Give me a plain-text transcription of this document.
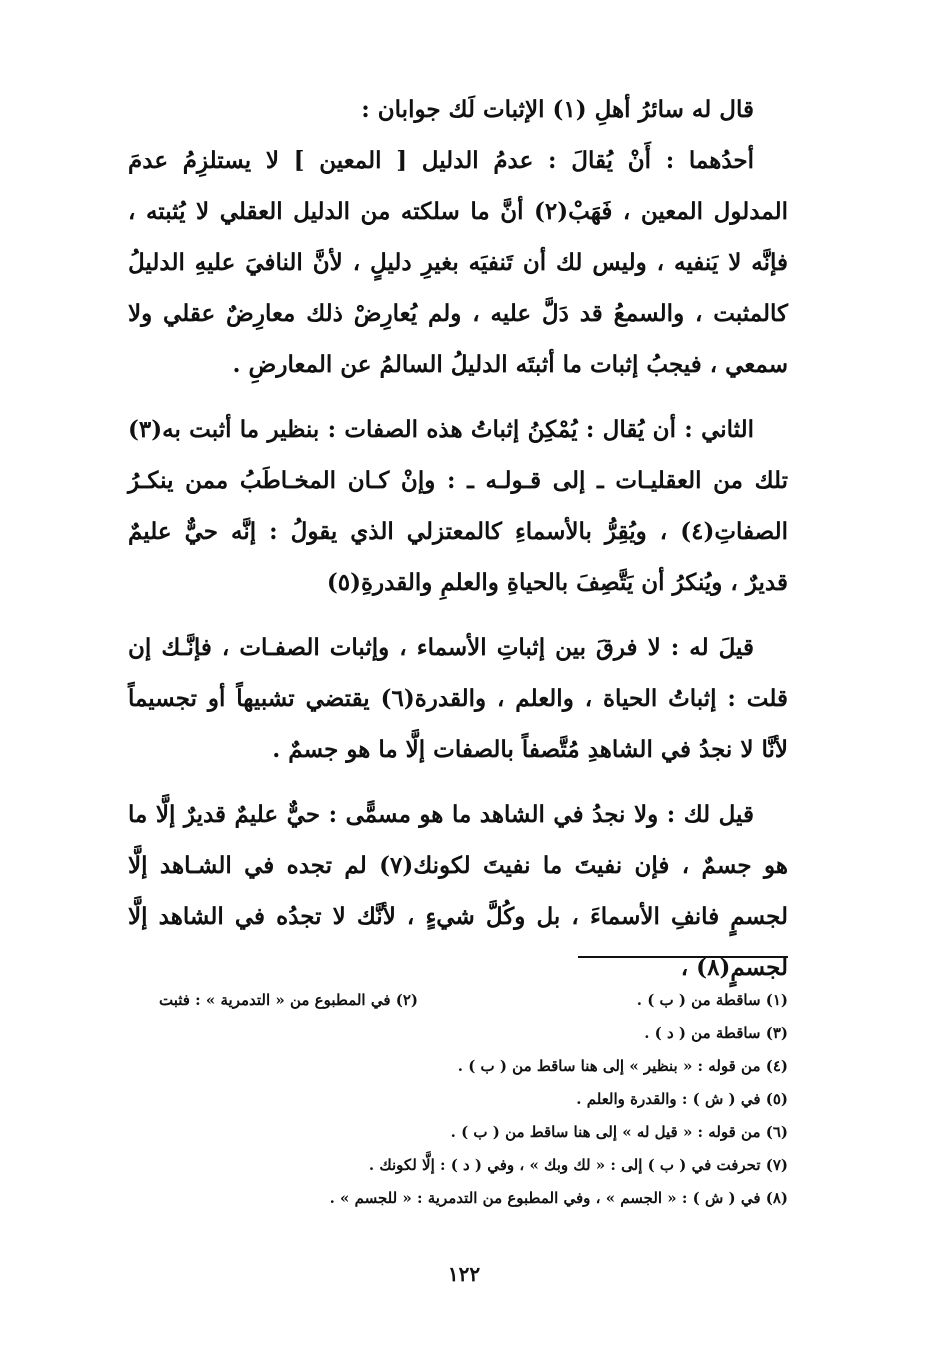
قال له سائرُ أهلِ (١) الإثبات لَك جوابان :

أحدُهما : أَنْ يُقالَ : عدمُ الدليل [ المعين ] لا يستلزِمُ عدمَ المدلول المعين ، فَهَبْ(٢) أنَّ ما سلكته من الدليل العقلي لا يُثبته ، فإنَّه لا يَنفيه ، وليس لك أن تَنفيَه بغيرِ دليلٍ ، لأنَّ النافيَ عليهِ الدليلُ كالمثبت ، والسمعُ قد دَلَّ عليه ، ولم يُعارِضْ ذلك معارِضٌ عقلي ولا سمعي ، فيجبُ إثبات ما أثبتَه الدليلُ السالمُ عن المعارضِ .

الثاني : أن يُقال : يُمْكِنُ إثباتُ هذه الصفات : بنظير ما أثبت به(٣) تلك من العقليـات ـ إلى قـولـه ـ : وإنْ كـان المخـاطَبُ ممن ينكـرُ الصفاتِ(٤) ، ويُقِرُّ بالأسماءِ كالمعتزلي الذي يقولُ : إنَّه حيٌّ عليمٌ قديرٌ ، ويُنكرُ أن يَتَّصِفَ بالحياةِ والعلمِ والقدرةِ(٥)

قيلَ له : لا فرقَ بين إثباتِ الأسماء ، وإثبات الصفـات ، فإنَّـك إن قلت : إثباتُ الحياة ، والعلم ، والقدرة(٦) يقتضي تشبيهاً أو تجسيماً لأنَّا لا نجدُ في الشاهدِ مُتَّصفاً بالصفات إلَّا ما هو جسمٌ .

قيل لك : ولا نجدُ في الشاهد ما هو مسمًّى : حيٌّ عليمٌ قديرٌ إلَّا ما هو جسمٌ ، فإن نفيتَ ما نفيتَ لكونك(٧) لم تجده في الشـاهد إلَّا لجسمٍ فانفِ الأسماءَ ، بل وكُلَّ شيءٍ ، لأنَّك لا تجدُه في الشاهد إلَّا لجسمٍ(٨) ،

(١) ساقطة من ( ب ) .
(٢) في المطبوع من « التدمرية » : فثبت
(٣) ساقطة من ( د ) .
(٤) من قوله : « بنظير » إلى هنا ساقط من ( ب ) .
(٥) في ( ش ) : والقدرة والعلم .
(٦) من قوله : « قيل له » إلى هنا ساقط من ( ب ) .
(٧) تحرفت في ( ب ) إلى : « لك وبك » ، وفي ( د ) : إلَّا لكونك .
(٨) في ( ش ) : « الجسم » ، وفي المطبوع من التدمرية : « للجسم » .
١٢٢
